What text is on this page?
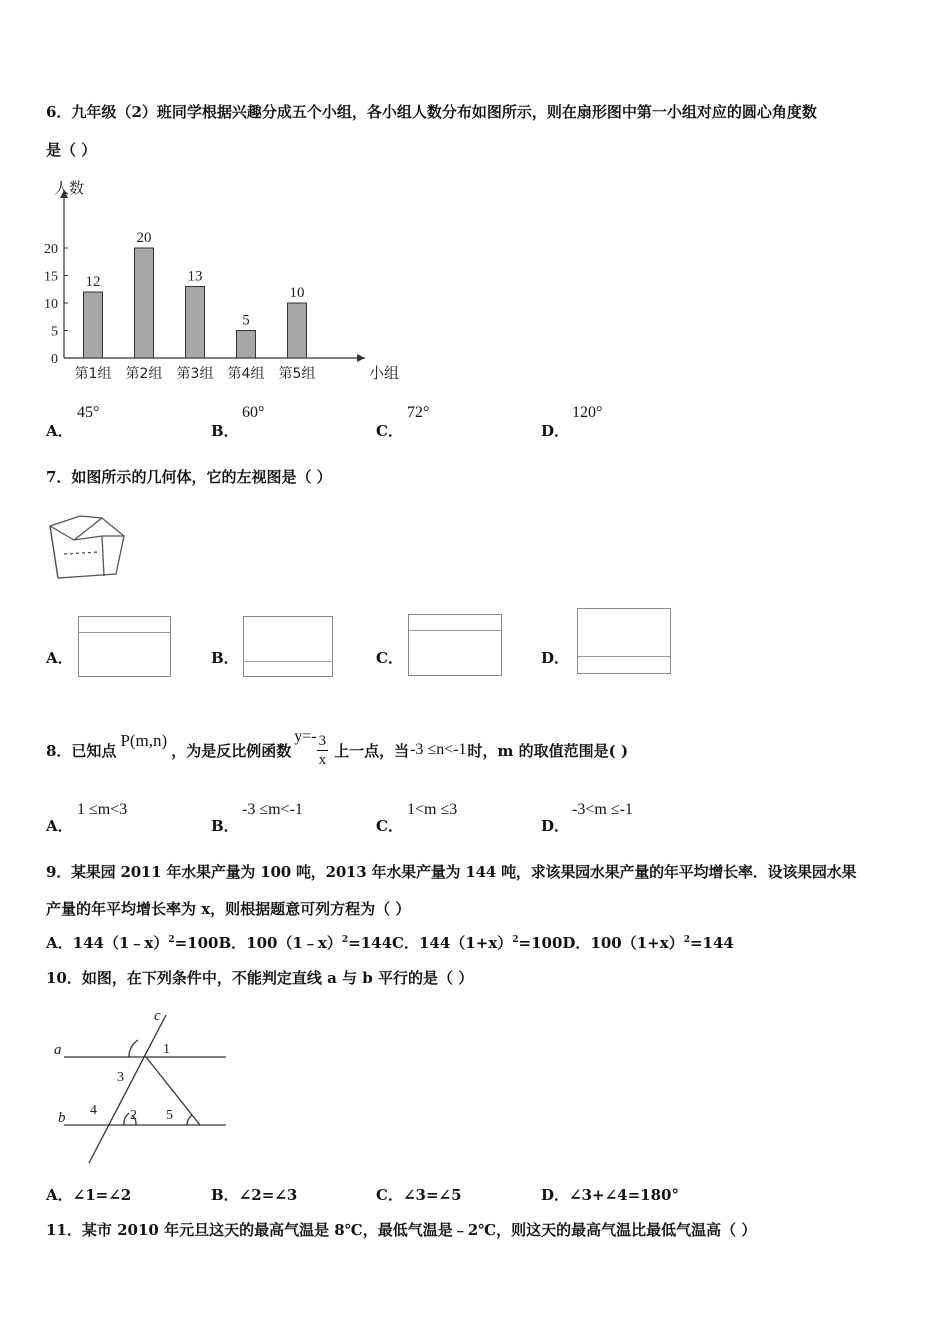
6．九年级（2）班同学根据兴趣分成五个小组，各小组人数分布如图所示，则在扇形图中第一小组对应的圆心角度数
是（ ）
人数
小组
0
5
10
15
20
12
第1组
20
第2组
13
第3组
5
第4组
10
第5组
A．
45°
B．
60°
C．
72°
D．
120°
7．如图所示的几何体，它的左视图是（ ）
A．	B．	C．	D．
8．已知点
P(m,n)
，为是反比例函数
$y=- \frac{3}{x}$ 上一点，当 -3 ≤n<-1 时，m 的取值范围是( )
A．
1 ≤m<3
B．
-3 ≤m<-1
C．
1<m ≤3
D．
-3<m ≤-1
9．某果园 2011 年水果产量为 100 吨，2013 年水果产量为 144 吨，求该果园水果产量的年平均增长率．设该果园水果
产量的年平均增长率为 x，则根据题意可列方程为（ ）
A．144（1﹣x）$^2$=100B．100（1﹣x）$^2$=144C．$144(1+x)^2=100D$．$100(1+x)^2=144$
10．如图，在下列条件中，不能判定直线 a 与 b 平行的是（ ）
a
b
c
1
2
3
4	5
A．∠1=∠2	B．∠2=∠3	C．∠3=∠5	D．∠3+∠4=180°
11．某市 2010 年元旦这天的最高气温是 8℃，最低气温是﹣2℃，则这天的最高气温比最低气温高（ ）
